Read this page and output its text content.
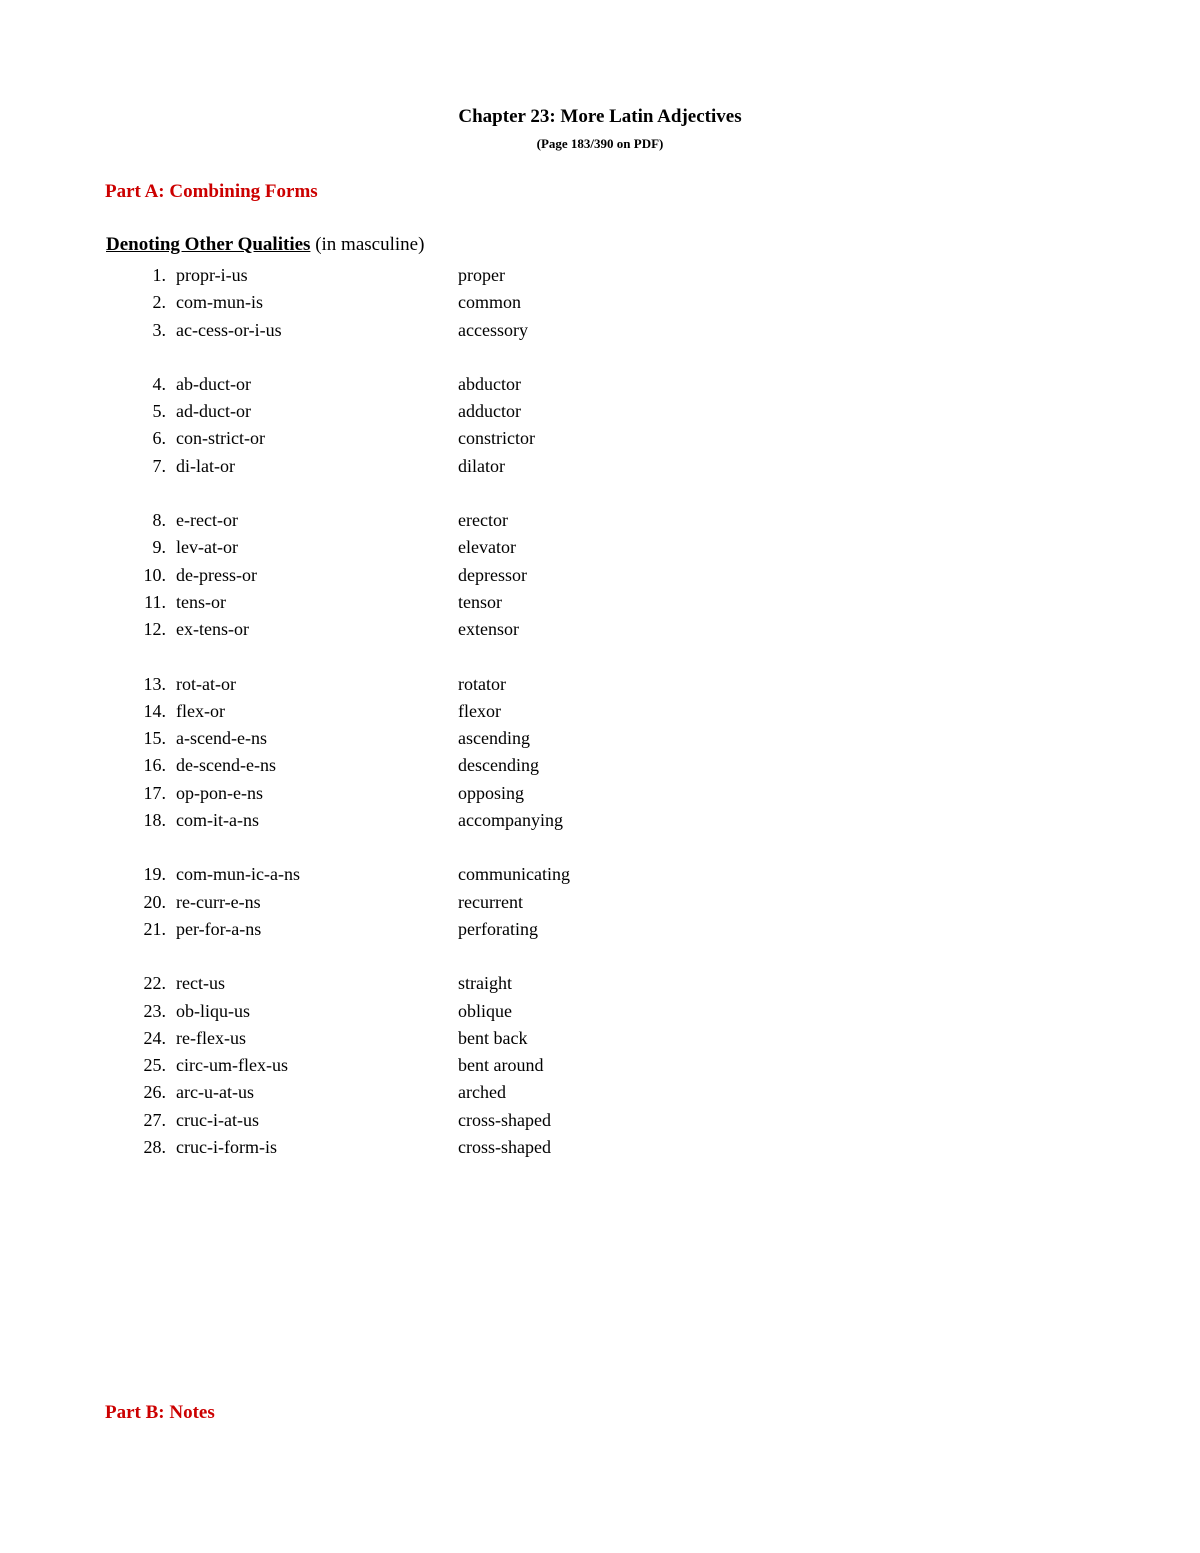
Chapter 23: More Latin Adjectives
(Page 183/390 on PDF)
Part A: Combining Forms
Denoting Other Qualities (in masculine)
1. propr-i-us	proper
2. com-mun-is	common
3. ac-cess-or-i-us	accessory
4. ab-duct-or	abductor
5. ad-duct-or	adductor
6. con-strict-or	constrictor
7. di-lat-or	dilator
8. e-rect-or	erector
9. lev-at-or	elevator
10. de-press-or	depressor
11. tens-or	tensor
12. ex-tens-or	extensor
13. rot-at-or	rotator
14. flex-or	flexor
15. a-scend-e-ns	ascending
16. de-scend-e-ns	descending
17. op-pon-e-ns	opposing
18. com-it-a-ns	accompanying
19. com-mun-ic-a-ns	communicating
20. re-curr-e-ns	recurrent
21. per-for-a-ns	perforating
22. rect-us	straight
23. ob-liqu-us	oblique
24. re-flex-us	bent back
25. circ-um-flex-us	bent around
26. arc-u-at-us	arched
27. cruc-i-at-us	cross-shaped
28. cruc-i-form-is	cross-shaped
Part B: Notes
